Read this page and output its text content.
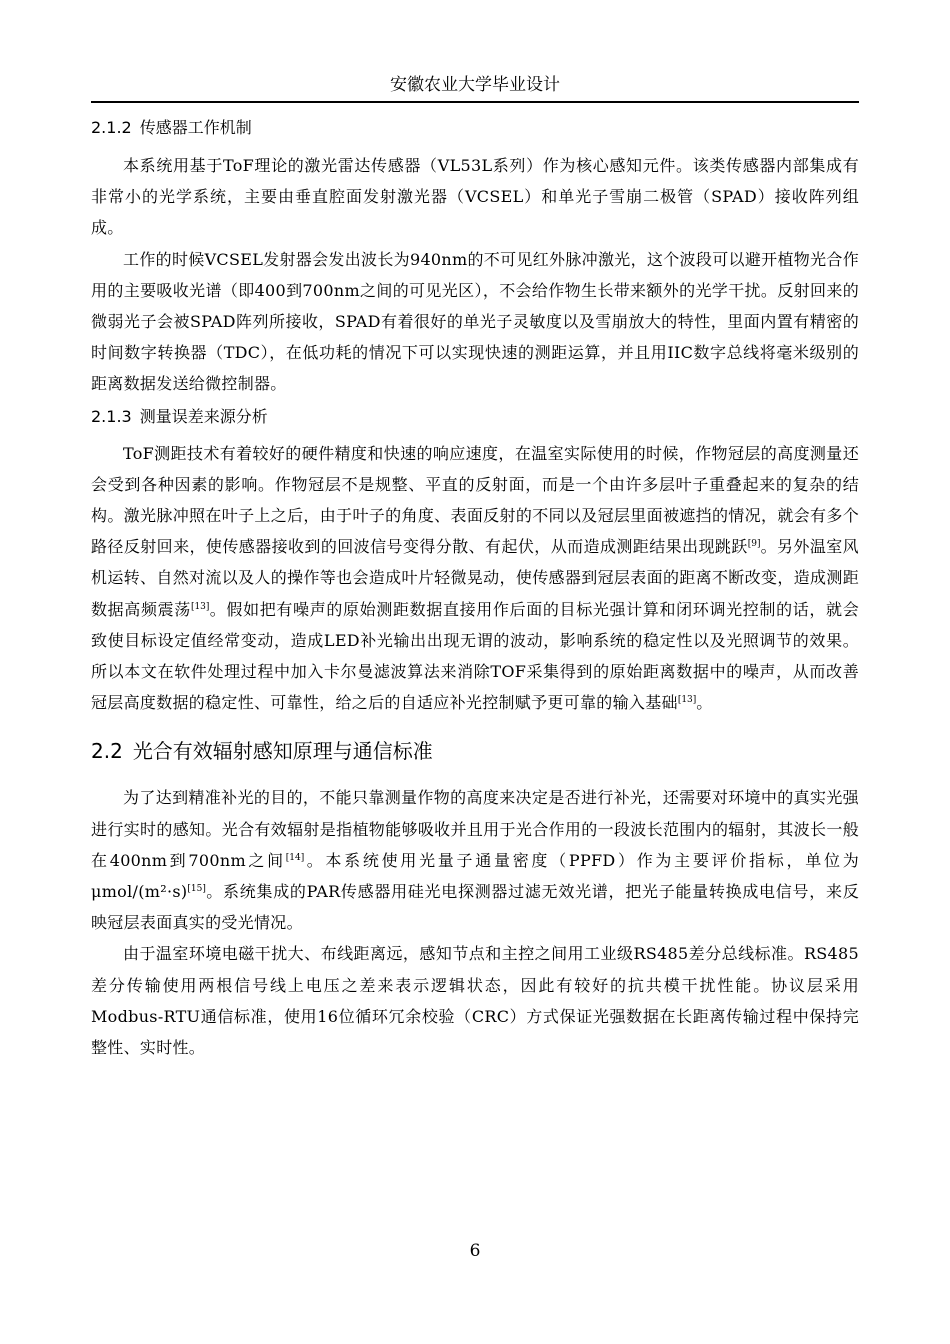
安徽农业大学毕业设计
2.1.2 传感器工作机制

本系统用基于ToF理论的激光雷达传感器（VL53L系列）作为核心感知元件。该类传感器内部集成有非常小的光学系统，主要由垂直腔面发射激光器（VCSEL）和单光子雪崩二极管（SPAD）接收阵列组成。

工作的时候VCSEL发射器会发出波长为940nm的不可见红外脉冲激光，这个波段可以避开植物光合作用的主要吸收光谱（即400到700nm之间的可见光区），不会给作物生长带来额外的光学干扰。反射回来的微弱光子会被SPAD阵列所接收，SPAD有着很好的单光子灵敏度以及雪崩放大的特性，里面内置有精密的时间数字转换器（TDC），在低功耗的情况下可以实现快速的测距运算，并且用IIC数字总线将毫米级别的距离数据发送给微控制器。

2.1.3 测量误差来源分析

ToF测距技术有着较好的硬件精度和快速的响应速度，在温室实际使用的时候，作物冠层的高度测量还会受到各种因素的影响。作物冠层不是规整、平直的反射面，而是一个由许多层叶子重叠起来的复杂的结构。激光脉冲照在叶子上之后，由于叶子的角度、表面反射的不同以及冠层里面被遮挡的情况，就会有多个路径反射回来，使传感器接收到的回波信号变得分散、有起伏，从而造成测距结果出现跳跃[9]。另外温室风机运转、自然对流以及人的操作等也会造成叶片轻微晃动，使传感器到冠层表面的距离不断改变，造成测距数据高频震荡[13]。假如把有噪声的原始测距数据直接用作后面的目标光强计算和闭环调光控制的话，就会致使目标设定值经常变动，造成LED补光输出出现无谓的波动，影响系统的稳定性以及光照调节的效果。所以本文在软件处理过程中加入卡尔曼滤波算法来消除TOF采集得到的原始距离数据中的噪声，从而改善冠层高度数据的稳定性、可靠性，给之后的自适应补光控制赋予更可靠的输入基础[13]。

2.2 光合有效辐射感知原理与通信标准

为了达到精准补光的目的，不能只靠测量作物的高度来决定是否进行补光，还需要对环境中的真实光强进行实时的感知。光合有效辐射是指植物能够吸收并且用于光合作用的一段波长范围内的辐射，其波长一般在400nm到700nm之间[14]。本系统使用光量子通量密度（PPFD）作为主要评价指标，单位为μmol/(m²·s)[15]。系统集成的PAR传感器用硅光电探测器过滤无效光谱，把光子能量转换成电信号，来反映冠层表面真实的受光情况。

由于温室环境电磁干扰大、布线距离远，感知节点和主控之间用工业级RS485差分总线标准。RS485差分传输使用两根信号线上电压之差来表示逻辑状态，因此有较好的抗共模干扰性能。协议层采用Modbus-RTU通信标准，使用16位循环冗余校验（CRC）方式保证光强数据在长距离传输过程中保持完整性、实时性。

6
